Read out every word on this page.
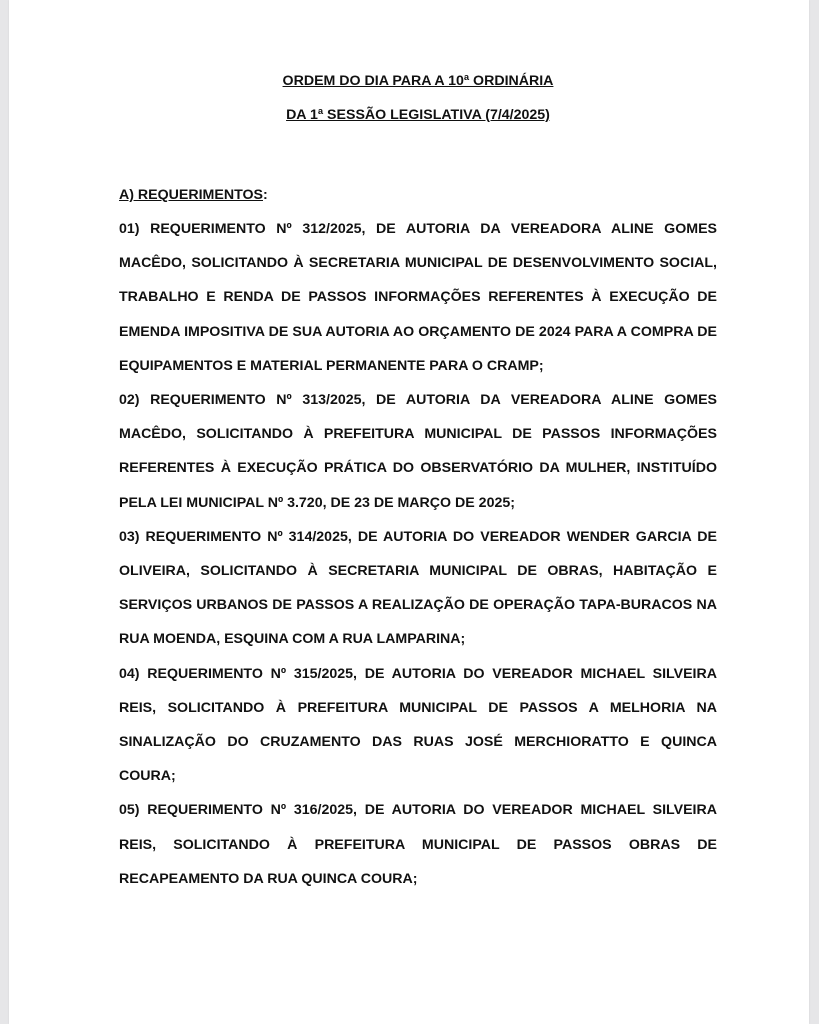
ORDEM DO DIA PARA A 10ª ORDINÁRIA

DA 1ª SESSÃO LEGISLATIVA (7/4/2025)

A) REQUERIMENTOS:

01) REQUERIMENTO Nº 312/2025, DE AUTORIA DA VEREADORA ALINE GOMES MACÊDO, SOLICITANDO À SECRETARIA MUNICIPAL DE DESENVOLVIMENTO SOCIAL, TRABALHO E RENDA DE PASSOS INFORMAÇÕES REFERENTES À EXECUÇÃO DE EMENDA IMPOSITIVA DE SUA AUTORIA AO ORÇAMENTO DE 2024 PARA A COMPRA DE EQUIPAMENTOS E MATERIAL PERMANENTE PARA O CRAMP;

02) REQUERIMENTO Nº 313/2025, DE AUTORIA DA VEREADORA ALINE GOMES MACÊDO, SOLICITANDO À PREFEITURA MUNICIPAL DE PASSOS INFORMAÇÕES REFERENTES À EXECUÇÃO PRÁTICA DO OBSERVATÓRIO DA MULHER, INSTITUÍDO PELA LEI MUNICIPAL Nº 3.720, DE 23 DE MARÇO DE 2025;

03) REQUERIMENTO Nº 314/2025, DE AUTORIA DO VEREADOR WENDER GARCIA DE OLIVEIRA, SOLICITANDO À SECRETARIA MUNICIPAL DE OBRAS, HABITAÇÃO E SERVIÇOS URBANOS DE PASSOS A REALIZAÇÃO DE OPERAÇÃO TAPA-BURACOS NA RUA MOENDA, ESQUINA COM A RUA LAMPARINA;

04) REQUERIMENTO Nº 315/2025, DE AUTORIA DO VEREADOR MICHAEL SILVEIRA REIS, SOLICITANDO À PREFEITURA MUNICIPAL DE PASSOS A MELHORIA NA SINALIZAÇÃO DO CRUZAMENTO DAS RUAS JOSÉ MERCHIORATTO E QUINCA COURA;

05) REQUERIMENTO Nº 316/2025, DE AUTORIA DO VEREADOR MICHAEL SILVEIRA REIS, SOLICITANDO À PREFEITURA MUNICIPAL DE PASSOS OBRAS DE RECAPEAMENTO DA RUA QUINCA COURA;
